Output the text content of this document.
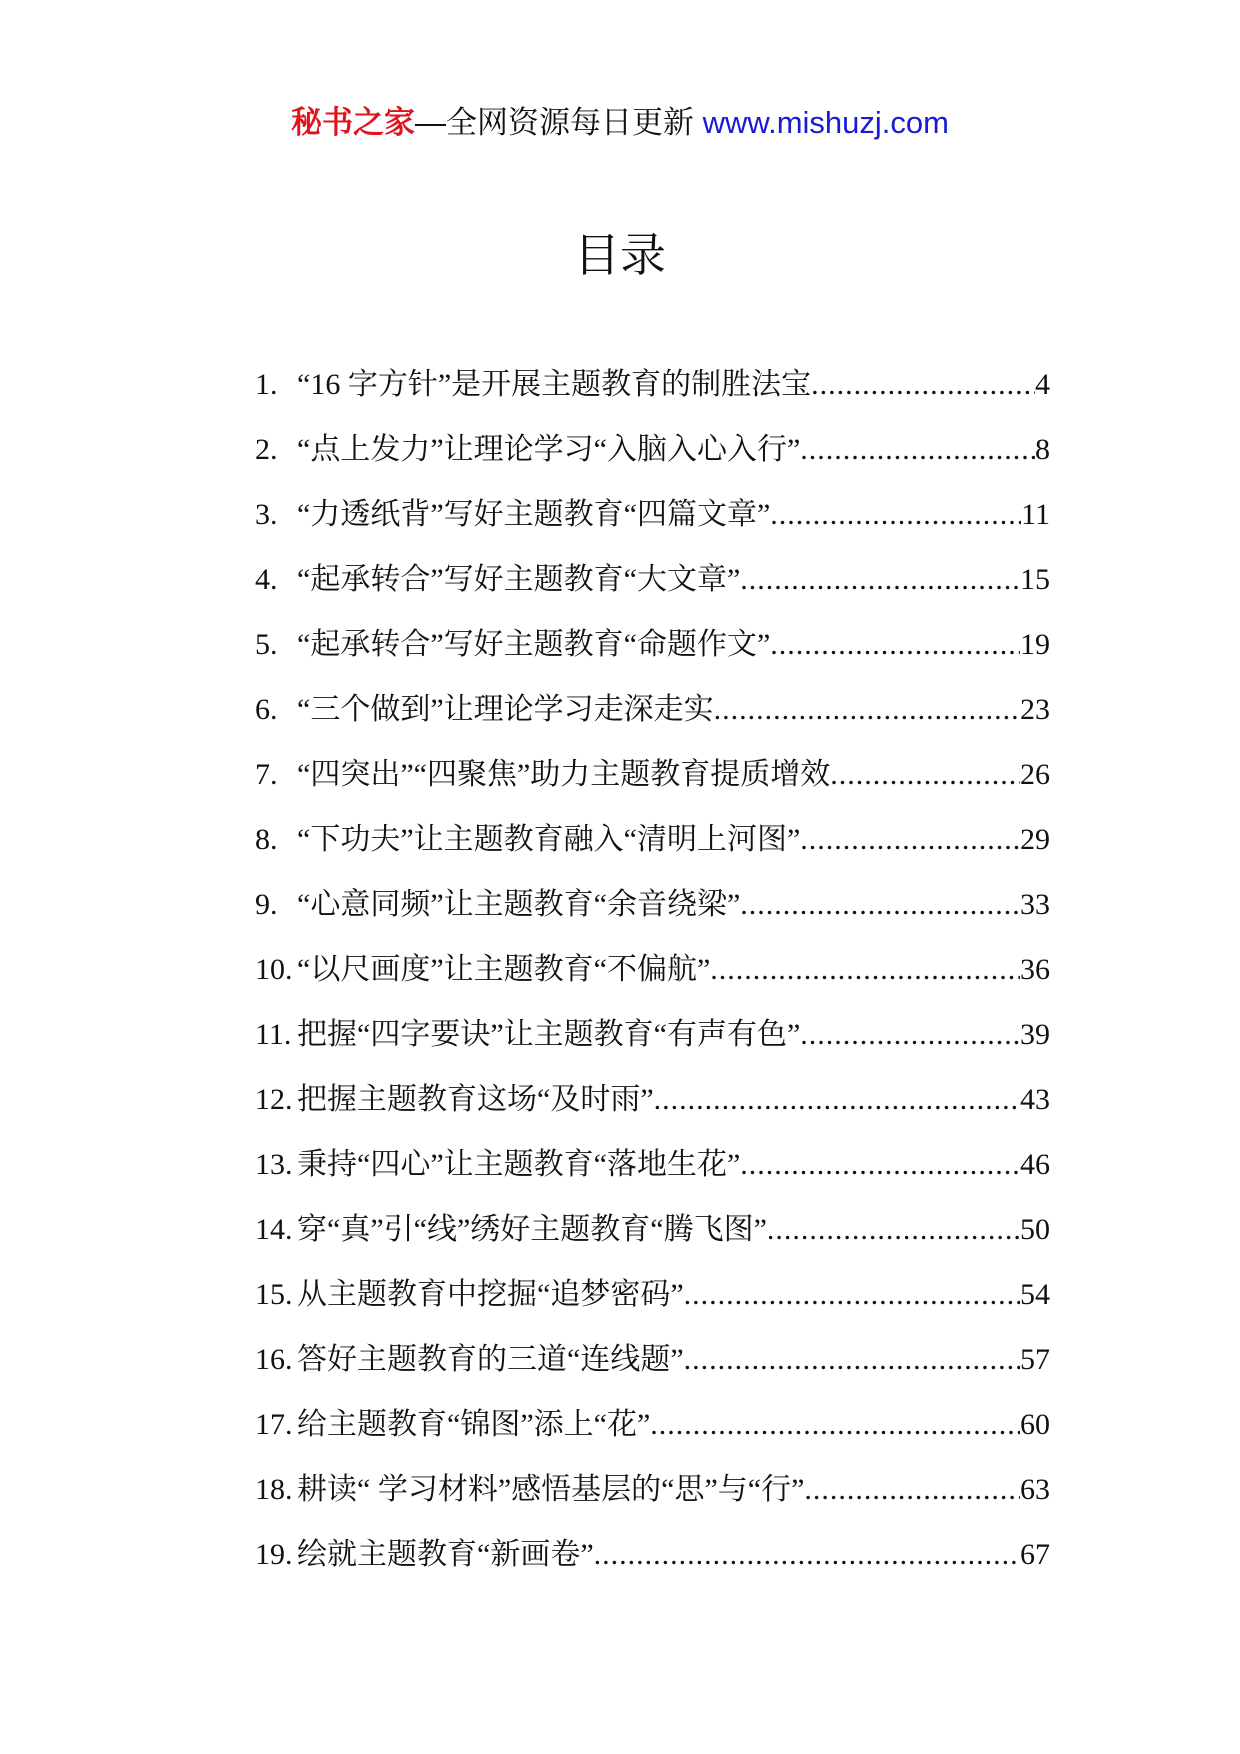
秘书之家—全网资源每日更新 www.mishuzj.com
目录
1. “16 字方针”是开展主题教育的制胜法宝 .....	4
2. “点上发力”让理论学习“入脑入心入行” .....	8
3. “力透纸背”写好主题教育“四篇文章” .....	11
4. “起承转合”写好主题教育“大文章” .....	15
5. “起承转合”写好主题教育“命题作文” .....	19
6. “三个做到”让理论学习走深走实 .....	23
7. “四突出”“四聚焦”助力主题教育提质增效 .....	26
8. “下功夫”让主题教育融入“清明上河图” .....	29
9. “心意同频”让主题教育“余音绕梁” .....	33
10. “以尺画度”让主题教育“不偏航” .....	36
11. 把握“四字要诀”让主题教育“有声有色” .....	39
12. 把握主题教育这场“及时雨” .....	43
13. 秉持“四心”让主题教育“落地生花” .....	46
14. 穿“真”引“线”绣好主题教育“腾飞图” .....	50
15. 从主题教育中挖掘“追梦密码” .....	54
16. 答好主题教育的三道“连线题” .....	57
17. 给主题教育“锦图”添上“花” .....	60
18. 耕读“ 学习材料”感悟基层的“思”与“行” .....	63
19. 绘就主题教育“新画卷” .....	67
